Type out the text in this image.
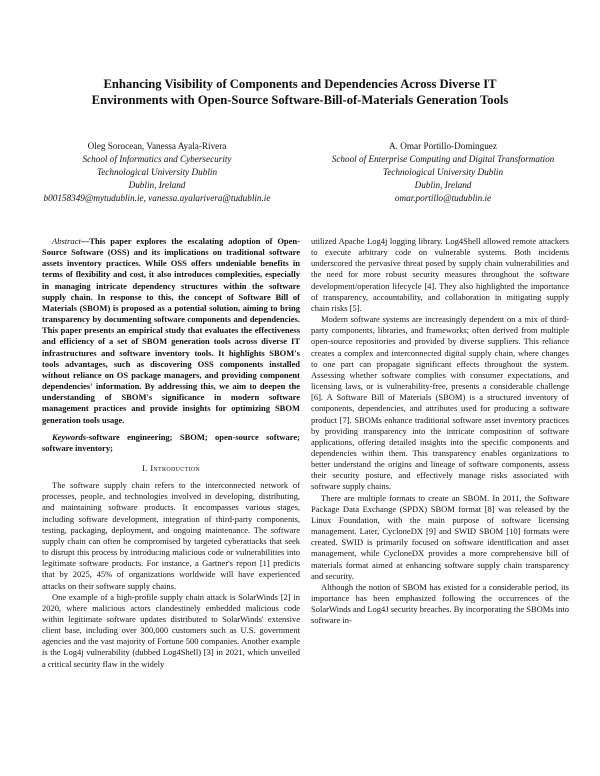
Enhancing Visibility of Components and Dependencies Across Diverse IT
Environments with Open-Source Software-Bill-of-Materials Generation Tools
Oleg Sorocean, Vanessa Ayala-Rivera
School of Informatics and Cybersecurity
Technological University Dublin
Dublin, Ireland
b00158349@mytudublin.ie, vanessa.ayalarivera@tudublin.ie
A. Omar Portillo-Dominguez
School of Enterprise Computing and Digital Transformation
Technological University Dublin
Dublin, Ireland
omar.portillo@tudublin.ie

Abstract—This paper explores the escalating adoption of Open-Source Software (OSS) and its implications on traditional software assets inventory practices. While OSS offers undeniable benefits in terms of flexibility and cost, it also introduces complexities, especially in managing intricate dependency structures within the software supply chain. In response to this, the concept of Software Bill of Materials (SBOM) is proposed as a potential solution, aiming to bring transparency by documenting software components and dependencies. This paper presents an empirical study that evaluates the effectiveness and efficiency of a set of SBOM generation tools across diverse IT infrastructures and software inventory tools. It highlights SBOM's tools advantages, such as discovering OSS components installed without reliance on OS package managers, and providing component dependencies' information. By addressing this, we aim to deepen the understanding of SBOM's significance in modern software management practices and provide insights for optimizing SBOM generation tools usage.

Keywords-software engineering; SBOM; open-source software; software inventory;

I. Introduction

The software supply chain refers to the interconnected network of processes, people, and technologies involved in developing, distributing, and maintaining software products. It encompasses various stages, including software development, integration of third-party components, testing, packaging, deployment, and ongoing maintenance. The software supply chain can often be compromised by targeted cyberattacks that seek to disrupt this process by introducing malicious code or vulnerabilities into legitimate software products. For instance, a Gartner's report [1] predicts that by 2025, 45% of organizations worldwide will have experienced attacks on their software supply chains.

One example of a high-profile supply chain attack is SolarWinds [2] in 2020, where malicious actors clandestinely embedded malicious code within legitimate software updates distributed to SolarWinds' extensive client base, including over 300,000 customers such as U.S. government agencies and the vast majority of Fortune 500 companies. Another example is the Log4j vulnerability (dubbed Log4Shell) [3] in 2021, which unveiled a critical security flaw in the widely

utilized Apache Log4j logging library. Log4Shell allowed remote attackers to execute arbitrary code on vulnerable systems. Both incidents underscored the pervasive threat posed by supply chain vulnerabilities and the need for more robust security measures throughout the software development/operation lifecycle [4]. They also highlighted the importance of transparency, accountability, and collaboration in mitigating supply chain risks [5].

Modern software systems are increasingly dependent on a mix of third-party components, libraries, and frameworks; often derived from multiple open-source repositories and provided by diverse suppliers. This reliance creates a complex and interconnected digital supply chain, where changes to one part can propagate significant effects throughout the system. Assessing whether software complies with consumer expectations, and licensing laws, or is vulnerability-free, presents a considerable challenge [6]. A Software Bill of Materials (SBOM) is a structured inventory of components, dependencies, and attributes used for producing a software product [7]. SBOMs enhance traditional software asset inventory practices by providing transparency into the intricate composition of software applications, offering detailed insights into the specific components and dependencies within them. This transparency enables organizations to better understand the origins and lineage of software components, assess their security posture, and effectively manage risks associated with software supply chains.

There are multiple formats to create an SBOM. In 2011, the Software Package Data Exchange (SPDX) SBOM format [8] was released by the Linux Foundation, with the main purpose of software licensing management. Later, CycloneDX [9] and SWID SBOM [10] formats were created. SWID is primarily focused on software identification and asset management, while CycloneDX provides a more comprehensive bill of materials format aimed at enhancing software supply chain transparency and security.

Although the notion of SBOM has existed for a considerable period, its importance has been emphasized following the occurrences of the SolarWinds and Log4J security breaches. By incorporating the SBOMs into software in-
